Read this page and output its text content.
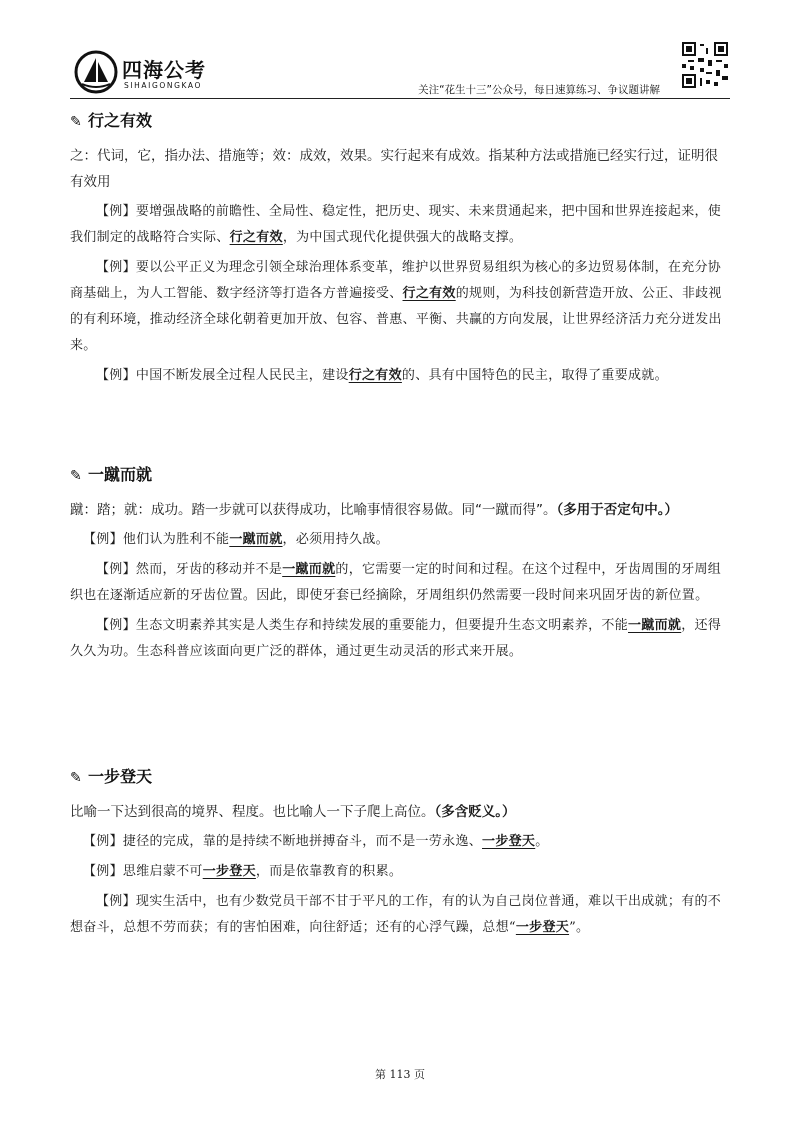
四海公考
SIHAIGONGKAO	关注“花生十三”公众号，每日速算练习、争议题讲解
✎ 行之有效
之：代词，它，指办法、措施等；效：成效，效果。实行起来有成效。指某种方法或措施已经实行过，证明很有效用
【例】要增强战略的前瞻性、全局性、稳定性，把历史、现实、未来贯通起来，把中国和世界连接起来，使我们制定的战略符合实际、行之有效，为中国式现代化提供强大的战略支撑。
【例】要以公平正义为理念引领全球治理体系变革，维护以世界贸易组织为核心的多边贸易体制，在充分协商基础上，为人工智能、数字经济等打造各方普遍接受、行之有效的规则，为科技创新营造开放、公正、非歧视的有利环境，推动经济全球化朝着更加开放、包容、普惠、平衡、共赢的方向发展，让世界经济活力充分迸发出来。
【例】中国不断发展全过程人民民主，建设行之有效的、具有中国特色的民主，取得了重要成就。
✎ 一蹴而就
蹴：踏；就：成功。踏一步就可以获得成功，比喻事情很容易做。同“一蹴而得”。（多用于否定句中。）
【例】他们认为胜利不能一蹴而就，必须用持久战。
【例】然而，牙齿的移动并不是一蹴而就的，它需要一定的时间和过程。在这个过程中，牙齿周围的牙周组织也在逐渐适应新的牙齿位置。因此，即使牙套已经摘除，牙周组织仍然需要一段时间来巩固牙齿的新位置。
【例】生态文明素养其实是人类生存和持续发展的重要能力，但要提升生态文明素养，不能一蹴而就，还得久久为功。生态科普应该面向更广泛的群体，通过更生动灵活的形式来开展。
✎ 一步登天
比喻一下达到很高的境界、程度。也比喻人一下子爬上高位。（多含贬义。）
【例】捷径的完成，靠的是持续不断地拼搏奋斗，而不是一劳永逸、一步登天。
【例】思维启蒙不可一步登天，而是依靠教育的积累。
【例】现实生活中，也有少数党员干部不甘于平凡的工作，有的认为自己岗位普通，难以干出成就；有的不想奋斗，总想不劳而获；有的害怕困难，向往舒适；还有的心浮气躁，总想“一步登天”。
第 113 页
